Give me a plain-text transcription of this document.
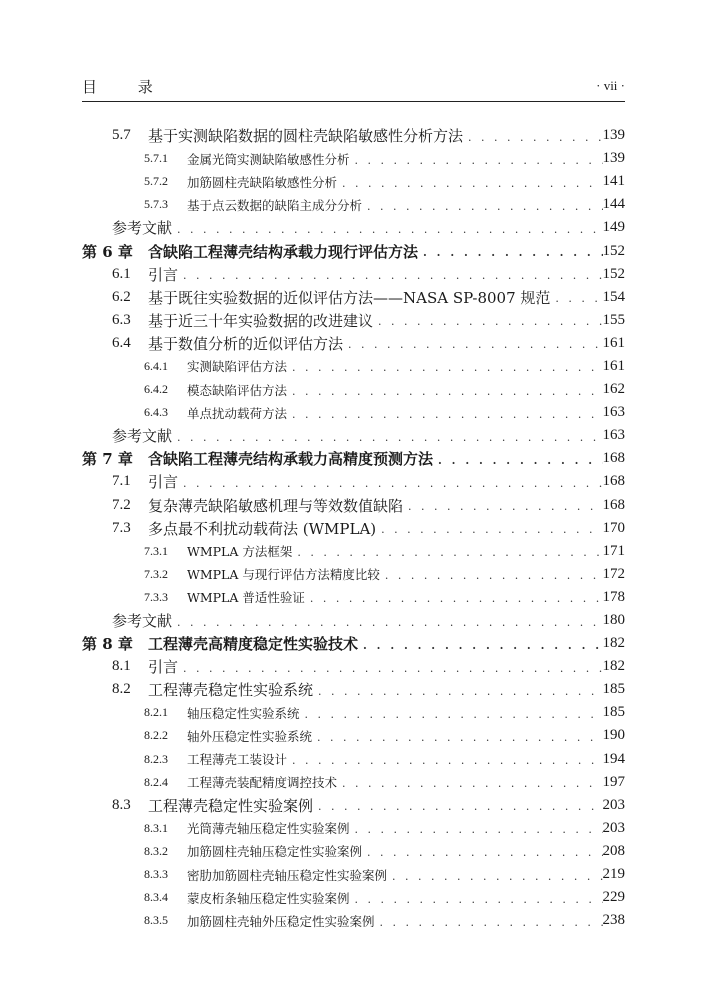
目 录	· vii ·
5.7	基于实测缺陷数据的圆柱壳缺陷敏感性分析方法 . . .	139
5.7.1	金属光筒实测缺陷敏感性分析 . . .	139
5.7.2	加筋圆柱壳缺陷敏感性分析 . . .	141
5.7.3	基于点云数据的缺陷主成分分析 . . .	144
参考文献 . . .	149
第 6 章	含缺陷工程薄壳结构承载力现行评估方法 . . .	152
6.1	引言 . . .	152
6.2	基于既往实验数据的近似评估方法——NASA SP-8007 规范 . . .	154
6.3	基于近三十年实验数据的改进建议 . . .	155
6.4	基于数值分析的近似评估方法 . . .	161
6.4.1	实测缺陷评估方法 . . .	161
6.4.2	模态缺陷评估方法 . . .	162
6.4.3	单点扰动载荷方法 . . .	163
参考文献 . . .	163
第 7 章	含缺陷工程薄壳结构承载力高精度预测方法 . . .	168
7.1	引言 . . .	168
7.2	复杂薄壳缺陷敏感机理与等效数值缺陷 . . .	168
7.3	多点最不利扰动载荷法 (WMPLA) . . .	170
7.3.1	WMPLA 方法框架 . . .	171
7.3.2	WMPLA 与现行评估方法精度比较 . . .	172
7.3.3	WMPLA 普适性验证 . . .	178
参考文献 . . .	180
第 8 章	工程薄壳高精度稳定性实验技术 . . .	182
8.1	引言 . . .	182
8.2	工程薄壳稳定性实验系统 . . .	185
8.2.1	轴压稳定性实验系统 . . .	185
8.2.2	轴外压稳定性实验系统 . . .	190
8.2.3	工程薄壳工装设计 . . .	194
8.2.4	工程薄壳装配精度调控技术 . . .	197
8.3	工程薄壳稳定性实验案例 . . .	203
8.3.1	光筒薄壳轴压稳定性实验案例 . . .	203
8.3.2	加筋圆柱壳轴压稳定性实验案例 . . .	208
8.3.3	密肋加筋圆柱壳轴压稳定性实验案例 . . .	219
8.3.4	蒙皮桁条轴压稳定性实验案例 . . .	229
8.3.5	加筋圆柱壳轴外压稳定性实验案例 . . .	238
